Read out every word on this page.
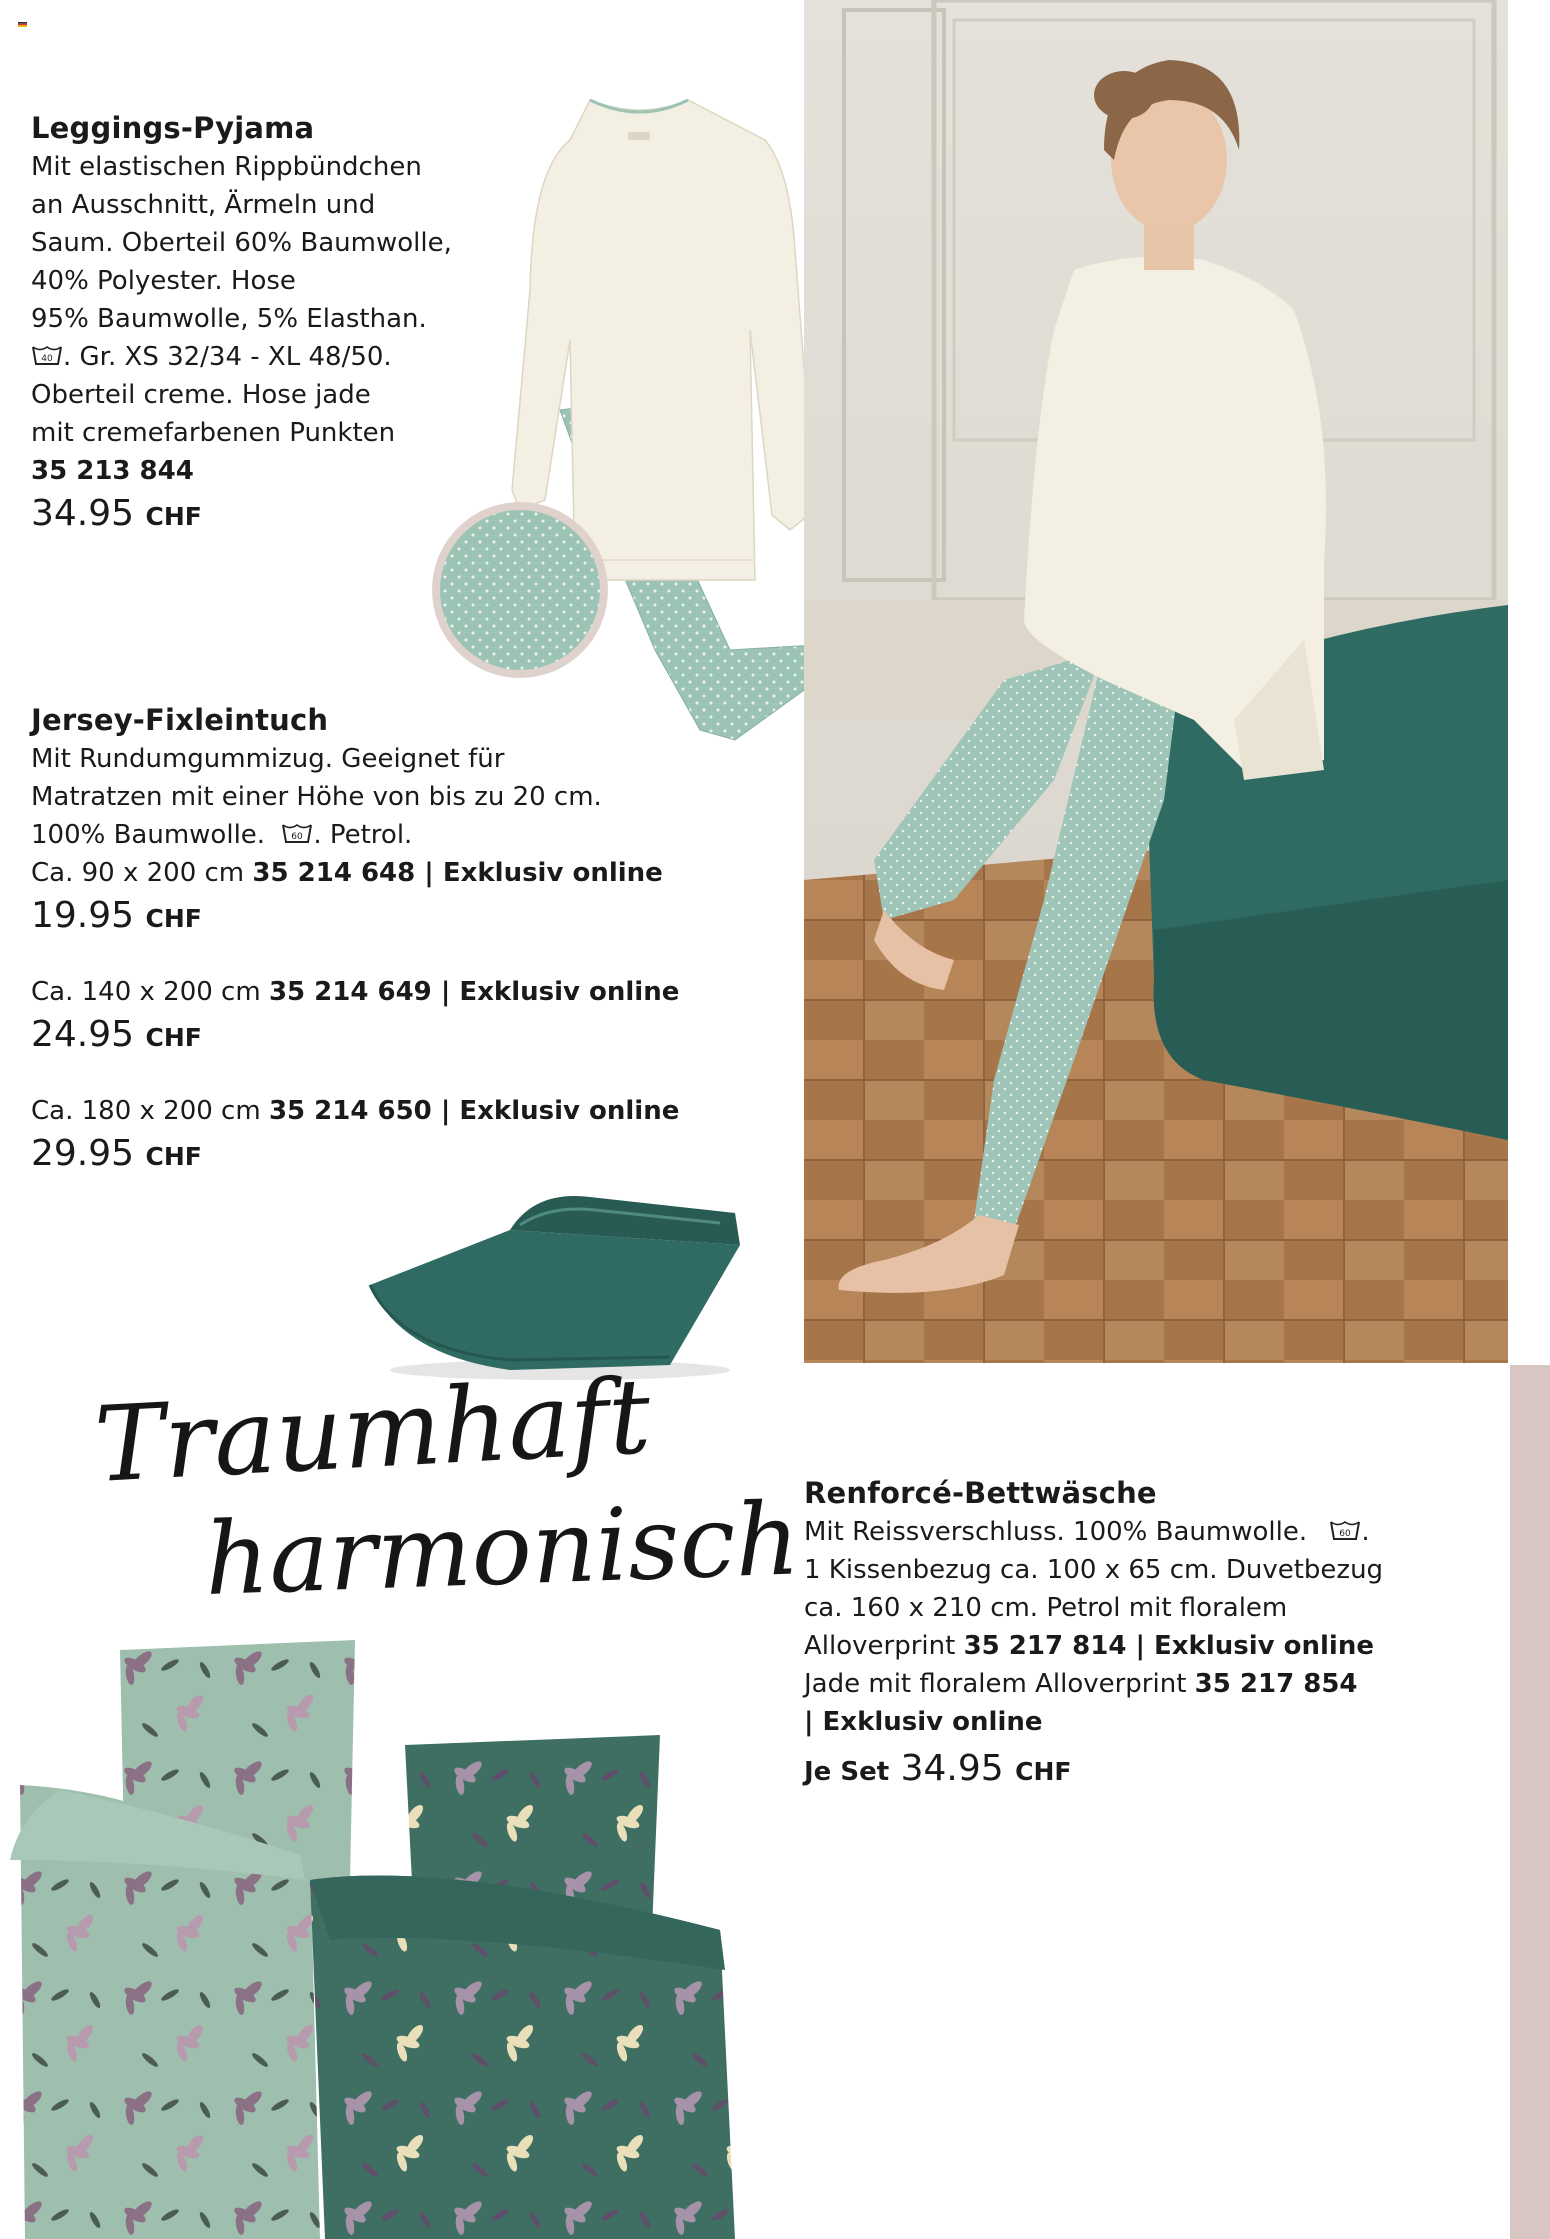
Leggings-Pyjama
Mit elastischen Rippbündchen
an Ausschnitt, Ärmeln und
Saum. Oberteil 60% Baumwolle,
40% Polyester. Hose
95% Baumwolle, 5% Elasthan.
40 . Gr. XS 32/34 - XL 48/50.
Oberteil creme. Hose jade
mit cremefarbenen Punkten
35 213 844
34.95 CHF
Jersey-Fixleintuch
Mit Rundumgummizug. Geeignet für
Matratzen mit einer Höhe von bis zu 20 cm.
100% Baumwolle.	60 . Petrol.
Ca. 90 x 200 cm 35 214 648 | Exklusiv online
19.95 CHF
Ca. 140 x 200 cm 35 214 649 | Exklusiv online
24.95 CHF
Ca. 180 x 200 cm 35 214 650 | Exklusiv online
29.95 CHF
Traumhaft
harmonisch Renforcé-Bettwäsche
Mit Reissverschluss. 100% Baumwolle.	60 .
1 Kissenbezug ca. 100 x 65 cm. Duvetbezug
ca. 160 x 210 cm. Petrol mit floralem
Alloverprint 35 217 814 | Exklusiv online
Jade mit floralem Alloverprint 35 217 854
| Exklusiv online
Je Set 34.95 CHF
